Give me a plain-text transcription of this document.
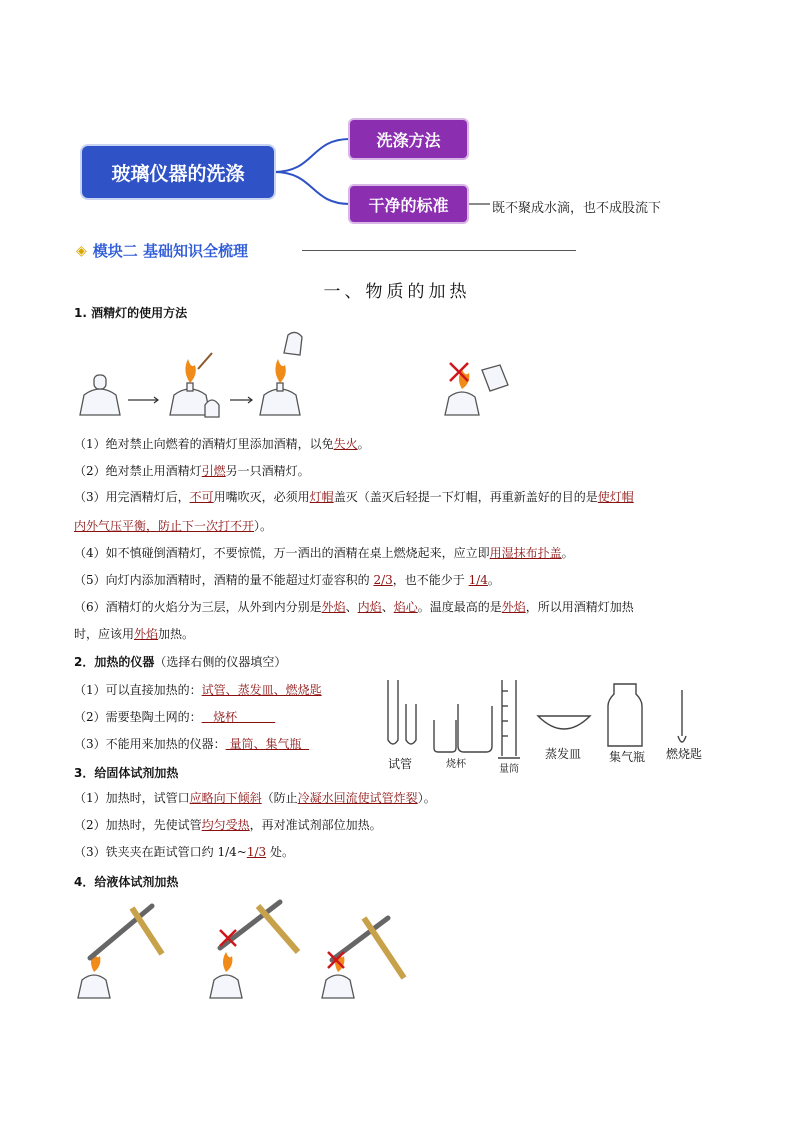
玻璃仪器的洗涤
洗涤方法
干净的标准	既不聚成水滴，也不成股流下
◈ 模块二 基础知识全梳理
一、物质的加热
1. 酒精灯的使用方法
（1）绝对禁止向燃着的酒精灯里添加酒精，以免失火。
（2）绝对禁止用酒精灯引燃另一只酒精灯。
（3）用完酒精灯后，不可用嘴吹灭，必须用灯帽盖灭（盖灭后轻提一下灯帽，再重新盖好的目的是使灯帽
内外气压平衡，防止下一次打不开）。
（4）如不慎碰倒酒精灯，不要惊慌，万一洒出的酒精在桌上燃烧起来，应立即用湿抹布扑盖。
（5）向灯内添加酒精时，酒精的量不能超过灯壶容积的 2/3，也不能少于 1/4。
（6）酒精灯的火焰分为三层，从外到内分别是外焰、内焰、焰心。温度最高的是外焰，所以用酒精灯加热
时，应该用外焰加热。
2．加热的仪器（选择右侧的仪器填空）
（1）可以直接加热的：试管、蒸发皿、燃烧匙
（2）需要垫陶土网的：   烧杯
（3）不能用来加热的仪器： 量筒、集气瓶
试管	烧杯	量筒
蒸发皿 集气瓶 燃烧匙
3．给固体试剂加热
（1）加热时，试管口应略向下倾斜（防止冷凝水回流使试管炸裂）。
（2）加热时，先使试管均匀受热，再对准试剂部位加热。
（3）铁夹夹在距试管口约 1/4~1/3 处。
4．给液体试剂加热
